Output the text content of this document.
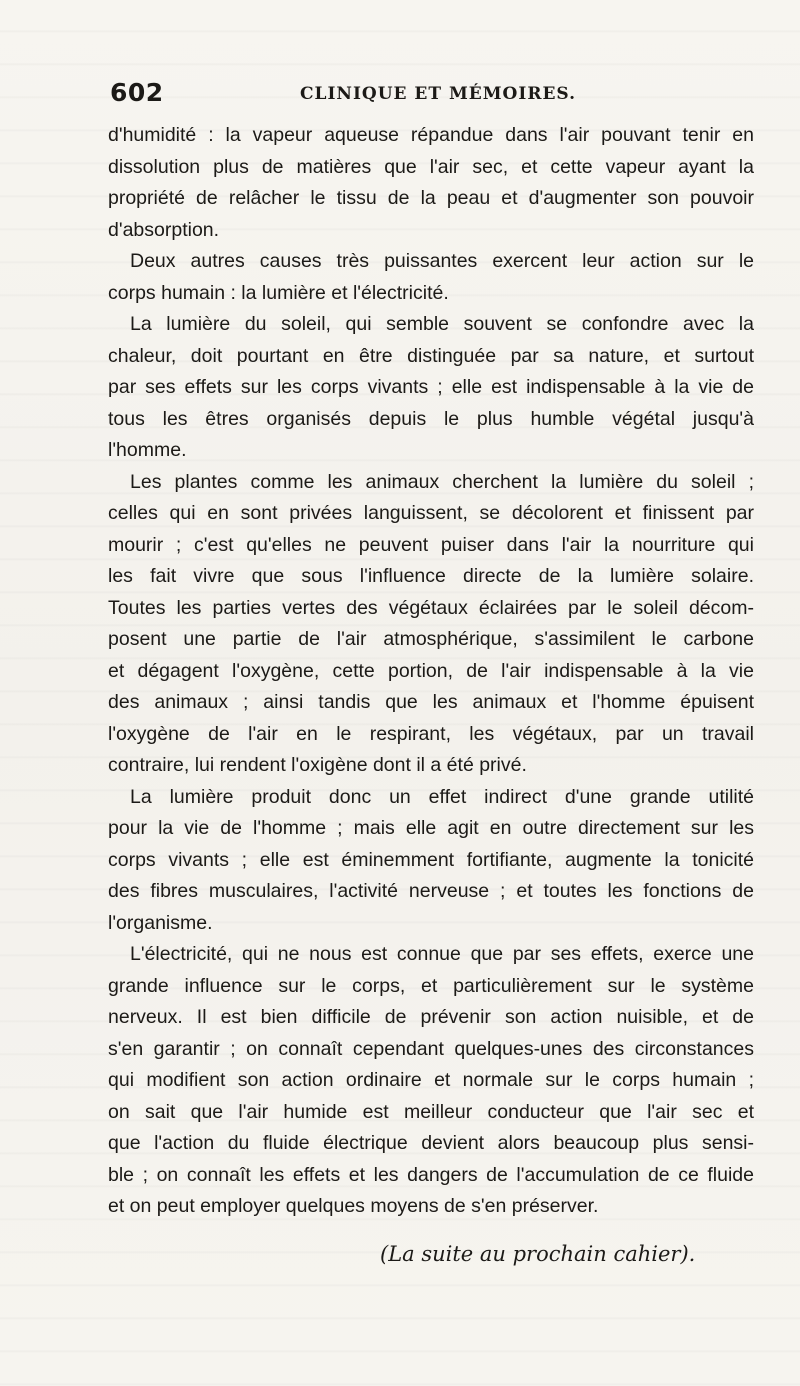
602	CLINIQUE ET MÉMOIRES.
d'humidité : la vapeur aqueuse répandue dans l'air pouvant tenir en
dissolution plus de matières que l'air sec, et cette vapeur ayant la
propriété de relâcher le tissu de la peau et d'augmenter son pouvoir
d'absorption.
Deux autres causes très puissantes exercent leur action sur le
corps humain : la lumière et l'électricité.
La lumière du soleil, qui semble souvent se confondre avec la
chaleur, doit pourtant en être distinguée par sa nature, et surtout
par ses effets sur les corps vivants ; elle est indispensable à la vie de
tous les êtres organisés depuis le plus humble végétal jusqu'à
l'homme.
Les plantes comme les animaux cherchent la lumière du soleil ;
celles qui en sont privées languissent, se décolorent et finissent par
mourir ; c'est qu'elles ne peuvent puiser dans l'air la nourriture qui
les fait vivre que sous l'influence directe de la lumière solaire.
Toutes les parties vertes des végétaux éclairées par le soleil décom-
posent une partie de l'air atmosphérique, s'assimilent le carbone
et dégagent l'oxygène, cette portion, de l'air indispensable à la vie
des animaux ; ainsi tandis que les animaux et l'homme épuisent
l'oxygène de l'air en le respirant, les végétaux, par un travail
contraire, lui rendent l'oxigène dont il a été privé.
La lumière produit donc un effet indirect d'une grande utilité
pour la vie de l'homme ; mais elle agit en outre directement sur les
corps vivants ; elle est éminemment fortifiante, augmente la tonicité
des fibres musculaires, l'activité nerveuse ; et toutes les fonctions de
l'organisme.
L'électricité, qui ne nous est connue que par ses effets, exerce une
grande influence sur le corps, et particulièrement sur le système
nerveux. Il est bien difficile de prévenir son action nuisible, et de
s'en garantir ; on connaît cependant quelques-unes des circonstances
qui modifient son action ordinaire et normale sur le corps humain ;
on sait que l'air humide est meilleur conducteur que l'air sec et
que l'action du fluide électrique devient alors beaucoup plus sensi-
ble ; on connaît les effets et les dangers de l'accumulation de ce fluide
et on peut employer quelques moyens de s'en préserver.
(La suite au prochain cahier).
